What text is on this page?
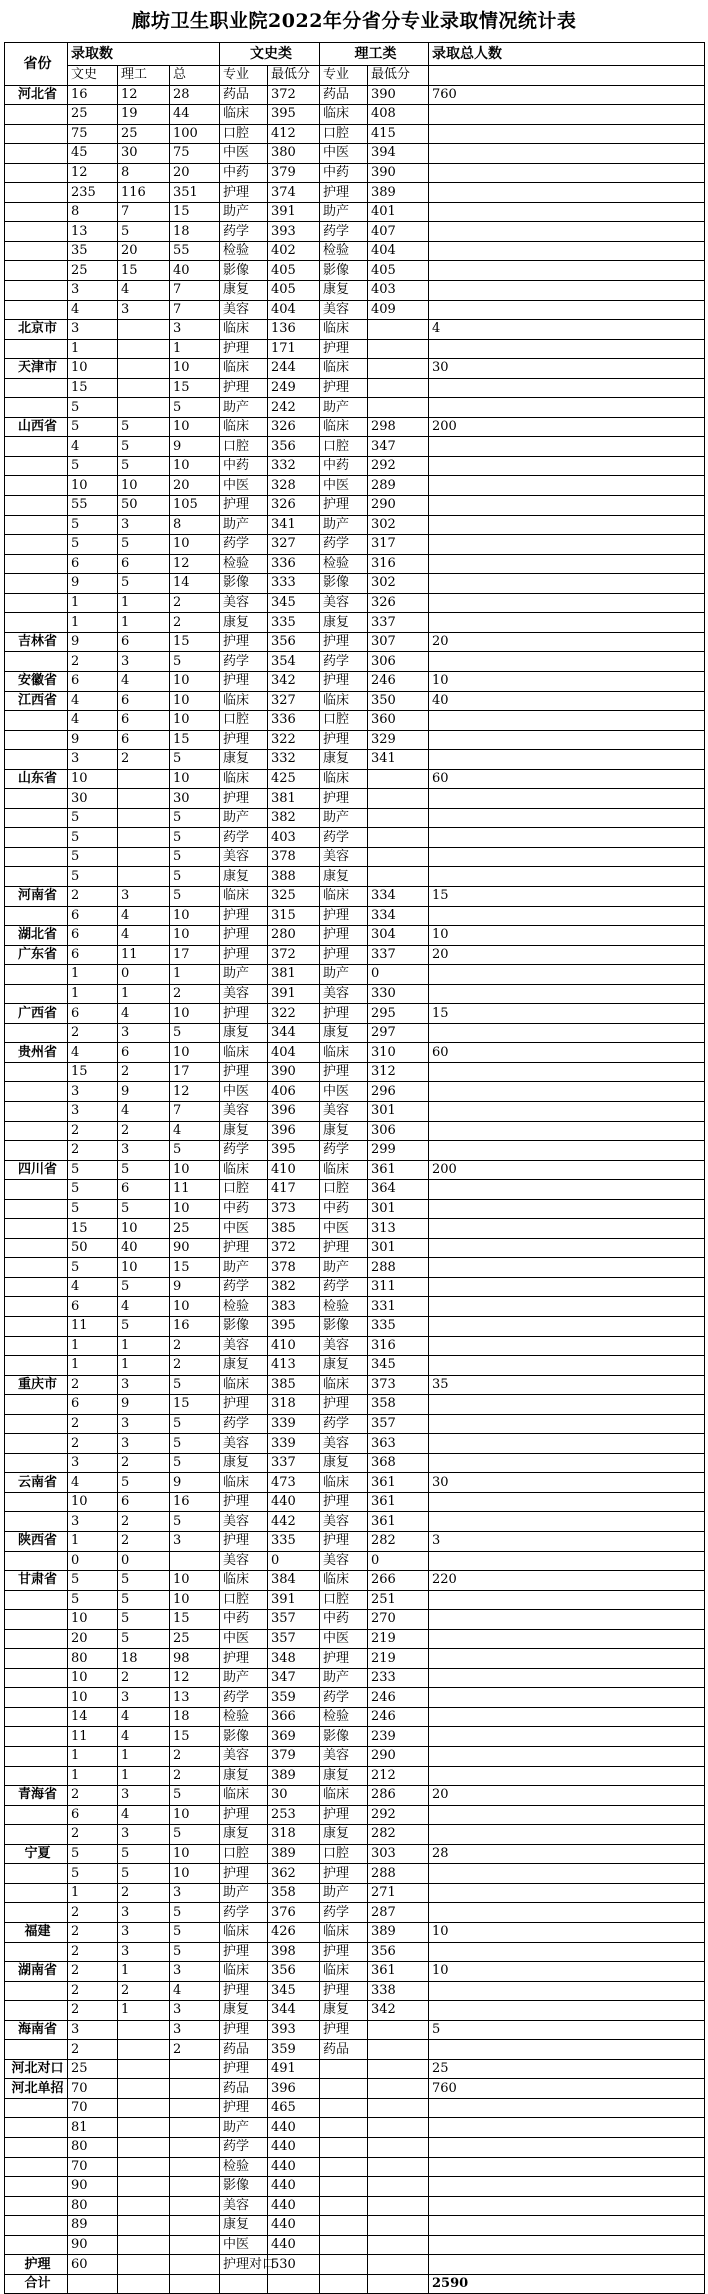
廊坊卫生职业院2022年分省分专业录取情况统计表
省份	录取数			文史类		理工类		录取总人数
	文史	理工	总	专业	最低分	专业	最低分	
河北省	16	12	28	药品	372	药品	390	760
	25	19	44	临床	395	临床	408	
	75	25	100	口腔	412	口腔	415	
	45	30	75	中医	380	中医	394	
	12	8	20	中药	379	中药	390	
	235	116	351	护理	374	护理	389	
	8	7	15	助产	391	助产	401	
	13	5	18	药学	393	药学	407	
	35	20	55	检验	402	检验	404	
	25	15	40	影像	405	影像	405	
	3	4	7	康复	405	康复	403	
	4	3	7	美容	404	美容	409	
北京市	3		3	临床	136	临床		4
	1		1	护理	171	护理		
天津市	10		10	临床	244	临床		30
	15		15	护理	249	护理		
	5		5	助产	242	助产		
山西省	5	5	10	临床	326	临床	298	200
	4	5	9	口腔	356	口腔	347	
	5	5	10	中药	332	中药	292	
	10	10	20	中医	328	中医	289	
	55	50	105	护理	326	护理	290	
	5	3	8	助产	341	助产	302	
	5	5	10	药学	327	药学	317	
	6	6	12	检验	336	检验	316	
	9	5	14	影像	333	影像	302	
	1	1	2	美容	345	美容	326	
	1	1	2	康复	335	康复	337	
吉林省	9	6	15	护理	356	护理	307	20
	2	3	5	药学	354	药学	306	
安徽省	6	4	10	护理	342	护理	246	10
江西省	4	6	10	临床	327	临床	350	40
	4	6	10	口腔	336	口腔	360	
	9	6	15	护理	322	护理	329	
	3	2	5	康复	332	康复	341	
山东省	10		10	临床	425	临床		60
	30		30	护理	381	护理		
	5		5	助产	382	助产		
	5		5	药学	403	药学		
	5		5	美容	378	美容		
	5		5	康复	388	康复		
河南省	2	3	5	临床	325	临床	334	15
	6	4	10	护理	315	护理	334	
湖北省	6	4	10	护理	280	护理	304	10
广东省	6	11	17	护理	372	护理	337	20
	1	0	1	助产	381	助产	0	
	1	1	2	美容	391	美容	330	
广西省	6	4	10	护理	322	护理	295	15
	2	3	5	康复	344	康复	297	
贵州省	4	6	10	临床	404	临床	310	60
	15	2	17	护理	390	护理	312	
	3	9	12	中医	406	中医	296	
	3	4	7	美容	396	美容	301	
	2	2	4	康复	396	康复	306	
	2	3	5	药学	395	药学	299	
四川省	5	5	10	临床	410	临床	361	200
	5	6	11	口腔	417	口腔	364	
	5	5	10	中药	373	中药	301	
	15	10	25	中医	385	中医	313	
	50	40	90	护理	372	护理	301	
	5	10	15	助产	378	助产	288	
	4	5	9	药学	382	药学	311	
	6	4	10	检验	383	检验	331	
	11	5	16	影像	395	影像	335	
	1	1	2	美容	410	美容	316	
	1	1	2	康复	413	康复	345	
重庆市	2	3	5	临床	385	临床	373	35
	6	9	15	护理	318	护理	358	
	2	3	5	药学	339	药学	357	
	2	3	5	美容	339	美容	363	
	3	2	5	康复	337	康复	368	
云南省	4	5	9	临床	473	临床	361	30
	10	6	16	护理	440	护理	361	
	3	2	5	美容	442	美容	361	
陕西省	1	2	3	护理	335	护理	282	3
	0	0		美容	0	美容	0	
甘肃省	5	5	10	临床	384	临床	266	220
	5	5	10	口腔	391	口腔	251	
	10	5	15	中药	357	中药	270	
	20	5	25	中医	357	中医	219	
	80	18	98	护理	348	护理	219	
	10	2	12	助产	347	助产	233	
	10	3	13	药学	359	药学	246	
	14	4	18	检验	366	检验	246	
	11	4	15	影像	369	影像	239	
	1	1	2	美容	379	美容	290	
	1	1	2	康复	389	康复	212	
青海省	2	3	5	临床	30	临床	286	20
	6	4	10	护理	253	护理	292	
	2	3	5	康复	318	康复	282	
宁夏	5	5	10	口腔	389	口腔	303	28
	5	5	10	护理	362	护理	288	
	1	2	3	助产	358	助产	271	
	2	3	5	药学	376	药学	287	
福建	2	3	5	临床	426	临床	389	10
	2	3	5	护理	398	护理	356	
湖南省	2	1	3	临床	356	临床	361	10
	2	2	4	护理	345	护理	338	
	2	1	3	康复	344	康复	342	
海南省	3		3	护理	393	护理		5
	2		2	药品	359	药品		
河北对口	25			护理	491			25
河北单招	70			药品	396			760
	70			护理	465			
	81			助产	440			
	80			药学	440			
	70			检验	440			
	90			影像	440			
	80			美容	440			
	89			康复	440			
	90			中医	440			
护理	60			护理对口	530			
合计								2590
